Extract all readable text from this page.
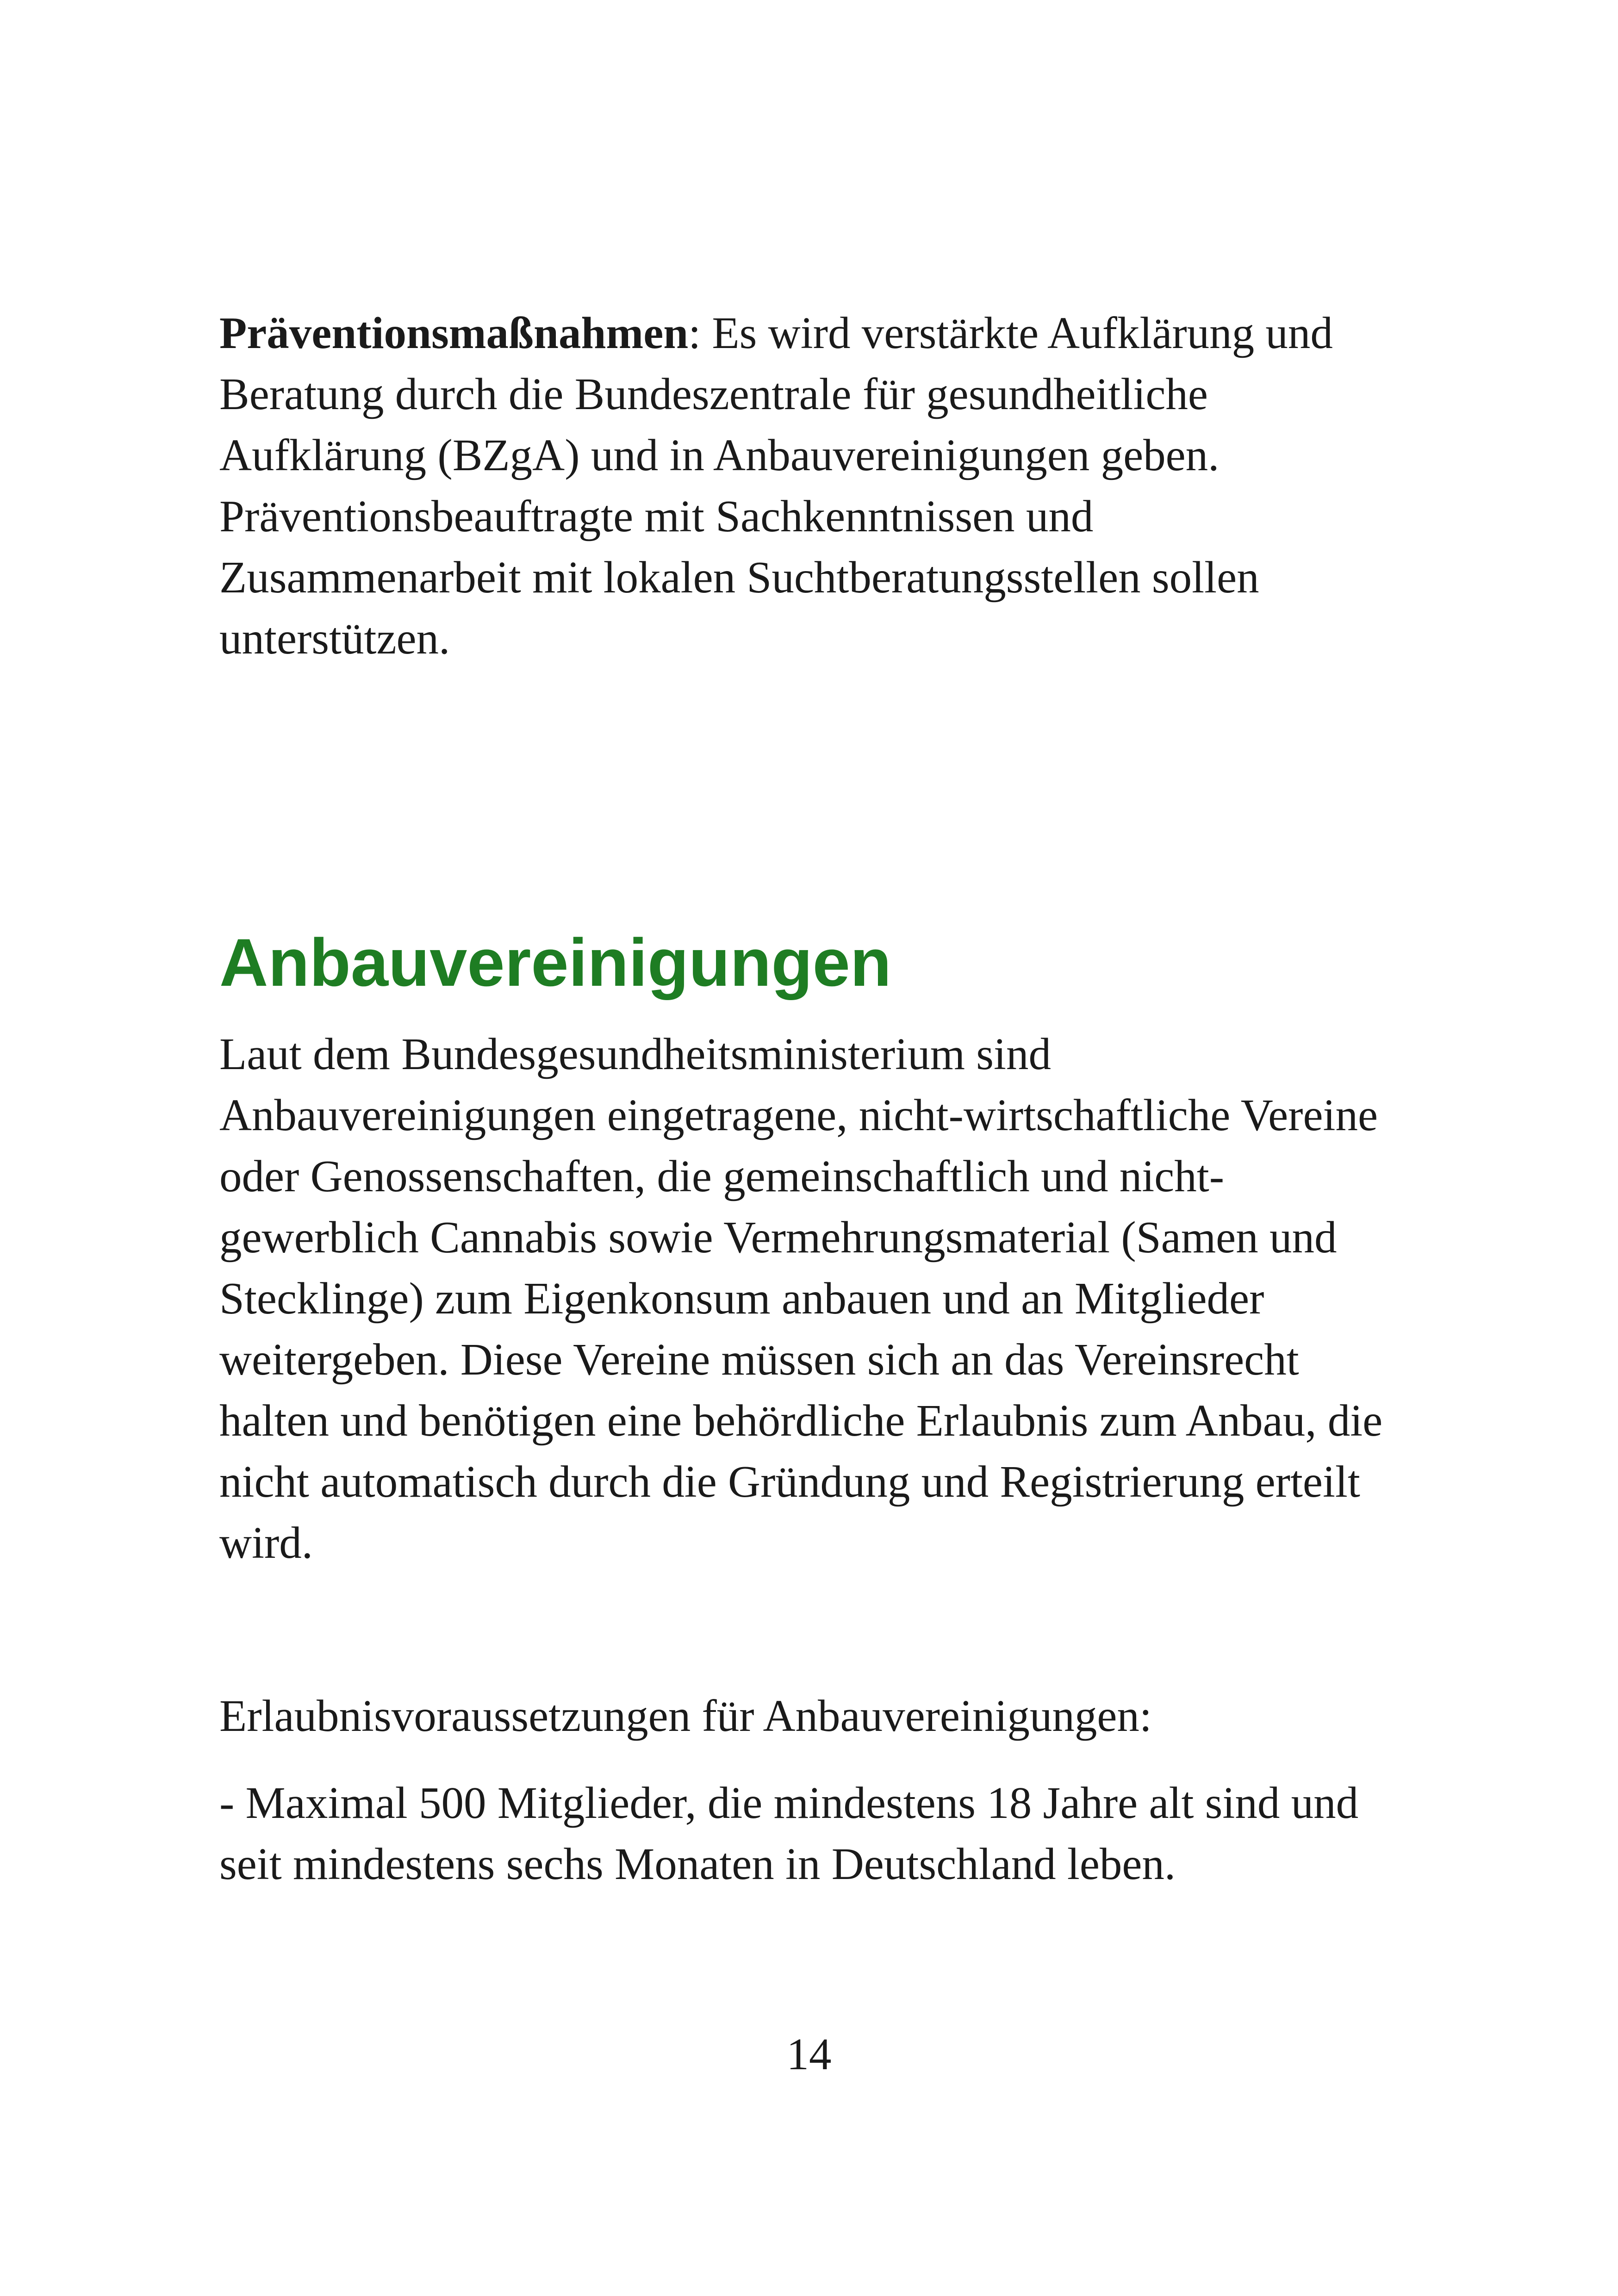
Präventionsmaßnahmen: Es wird verstärkte Aufklärung und Beratung durch die Bundeszentrale für gesundheitliche Aufklärung (BZgA) und in Anbauvereinigungen geben. Präventionsbeauftragte mit Sachkenntnissen und Zusammenarbeit mit lokalen Suchtberatungsstellen sollen unterstützen.

Anbauvereinigungen

Laut dem Bundesgesundheitsministerium sind Anbauvereinigungen eingetragene, nicht-wirtschaftliche Vereine oder Genossenschaften, die gemeinschaftlich und nicht-gewerblich Cannabis sowie Vermehrungsmaterial (Samen und Stecklinge) zum Eigenkonsum anbauen und an Mitglieder weitergeben. Diese Vereine müssen sich an das Vereinsrecht halten und benötigen eine behördliche Erlaubnis zum Anbau, die nicht automatisch durch die Gründung und Registrierung erteilt wird.

Erlaubnisvoraussetzungen für Anbauvereinigungen:

- Maximal 500 Mitglieder, die mindestens 18 Jahre alt sind und seit mindestens sechs Monaten in Deutschland leben.

14
